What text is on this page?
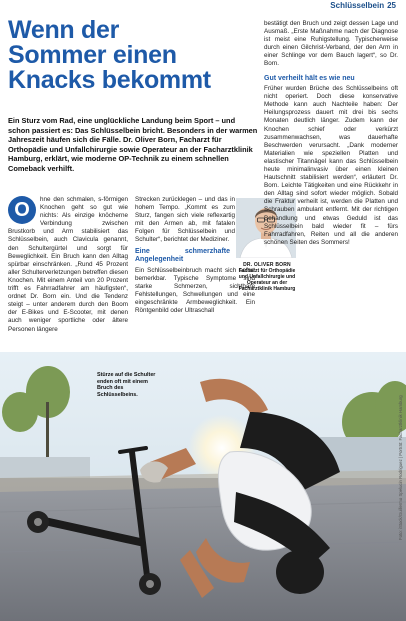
Schlüsselbein 25
Wenn der
Sommer einen
Knacks bekommt

Ein Sturz vom Rad, eine unglückliche Landung beim Sport – und schon passiert es: Das Schlüsselbein bricht. Besonders in der warmen Jahreszeit häufen sich die Fälle. Dr. Oliver Born, Facharzt für Orthopädie und Unfallchirurgie sowie Operateur an der Facharztklinik Hamburg, erklärt, wie moderne OP-Technik zu einem schnellen Comeback verhilft.

O	hne den schmalen, s-förmigen Knochen geht so gut wie nichts: Als einzige knöcherne Verbindung zwischen Brustkorb und Arm stabilisiert das Schlüsselbein, auch Clavicula genannt, den Schultergürtel und sorgt für Beweglichkeit. Ein Bruch kann den Alltag spürbar einschränken. „Rund 45 Prozent aller Schulterverletzungen betreffen diesen Knochen. Mit einem Anteil von 20 Prozent trifft es Fahrradfahrer am häufigsten“, ordnet Dr. Born ein. Und die Tendenz steigt – unter anderem durch den Boom der E-Bikes und E-Scooter, mit denen auch weniger sportliche oder ältere Personen längere

Strecken zurücklegen – und das in hohem Tempo. „Kommt es zum Sturz, fangen sich viele reflexartig mit den Armen ab, mit fatalen Folgen für Schlüsselbein und Schulter“, berichtet der Mediziner.

Eine schmerzhafte Angelegenheit

Ein Schlüsselbeinbruch macht sich sofort bemerkbar. Typische Symptome sind starke Schmerzen, sichtbare Fehlstellungen, Schwellungen und eine eingeschränkte Armbeweglichkeit. Ein Röntgenbild oder Ultraschall

DR. OLIVER BORN
Facharzt für Orthopädie und Unfallchirurgie und Operateur an der Facharztklinik Hamburg

bestätigt den Bruch und zeigt dessen Lage und Ausmaß. „Erste Maßnahme nach der Diagnose ist meist eine Ruhigstellung. Typischerweise durch einen Gilchrist-Verband, der den Arm in einer Schlinge vor dem Bauch lagert“, so Dr. Born.

Gut verheilt hält es wie neu

Früher wurden Brüche des Schlüsselbeins oft nicht operiert. Doch diese konservative Methode kann auch Nachteile haben: Der Heilungsprozess dauert mit drei bis sechs Monaten deutlich länger. Zudem kann der Knochen schief oder verkürzt zusammenwachsen, was dauerhafte Beschwerden verursacht. „Dank moderner Materialien wie speziellen Platten und elastischer Titannägel kann das Schlüsselbein heute minimalinvasiv über einen kleinen Hautschnitt stabilisiert werden“, erläutert Dr. Born. Leichte Tätigkeiten und eine Rückkehr in den Alltag sind sofort wieder möglich. Sobald die Fraktur verheilt ist, werden die Platten und Schrauben ambulant entfernt. Mit der richtigen Behandlung und etwas Geduld ist das Schlüsselbein bald wieder fit – fürs Fahrradfahren, Reiten und all die anderen schönen Seiten des Sommers!

Stürze auf die Schulter enden oft mit einem Bruch des Schlüsselbeins.
Foto: iStock/Guillermo Spelucin Rodriguez | Porträt: Facharztklinik Hamburg
